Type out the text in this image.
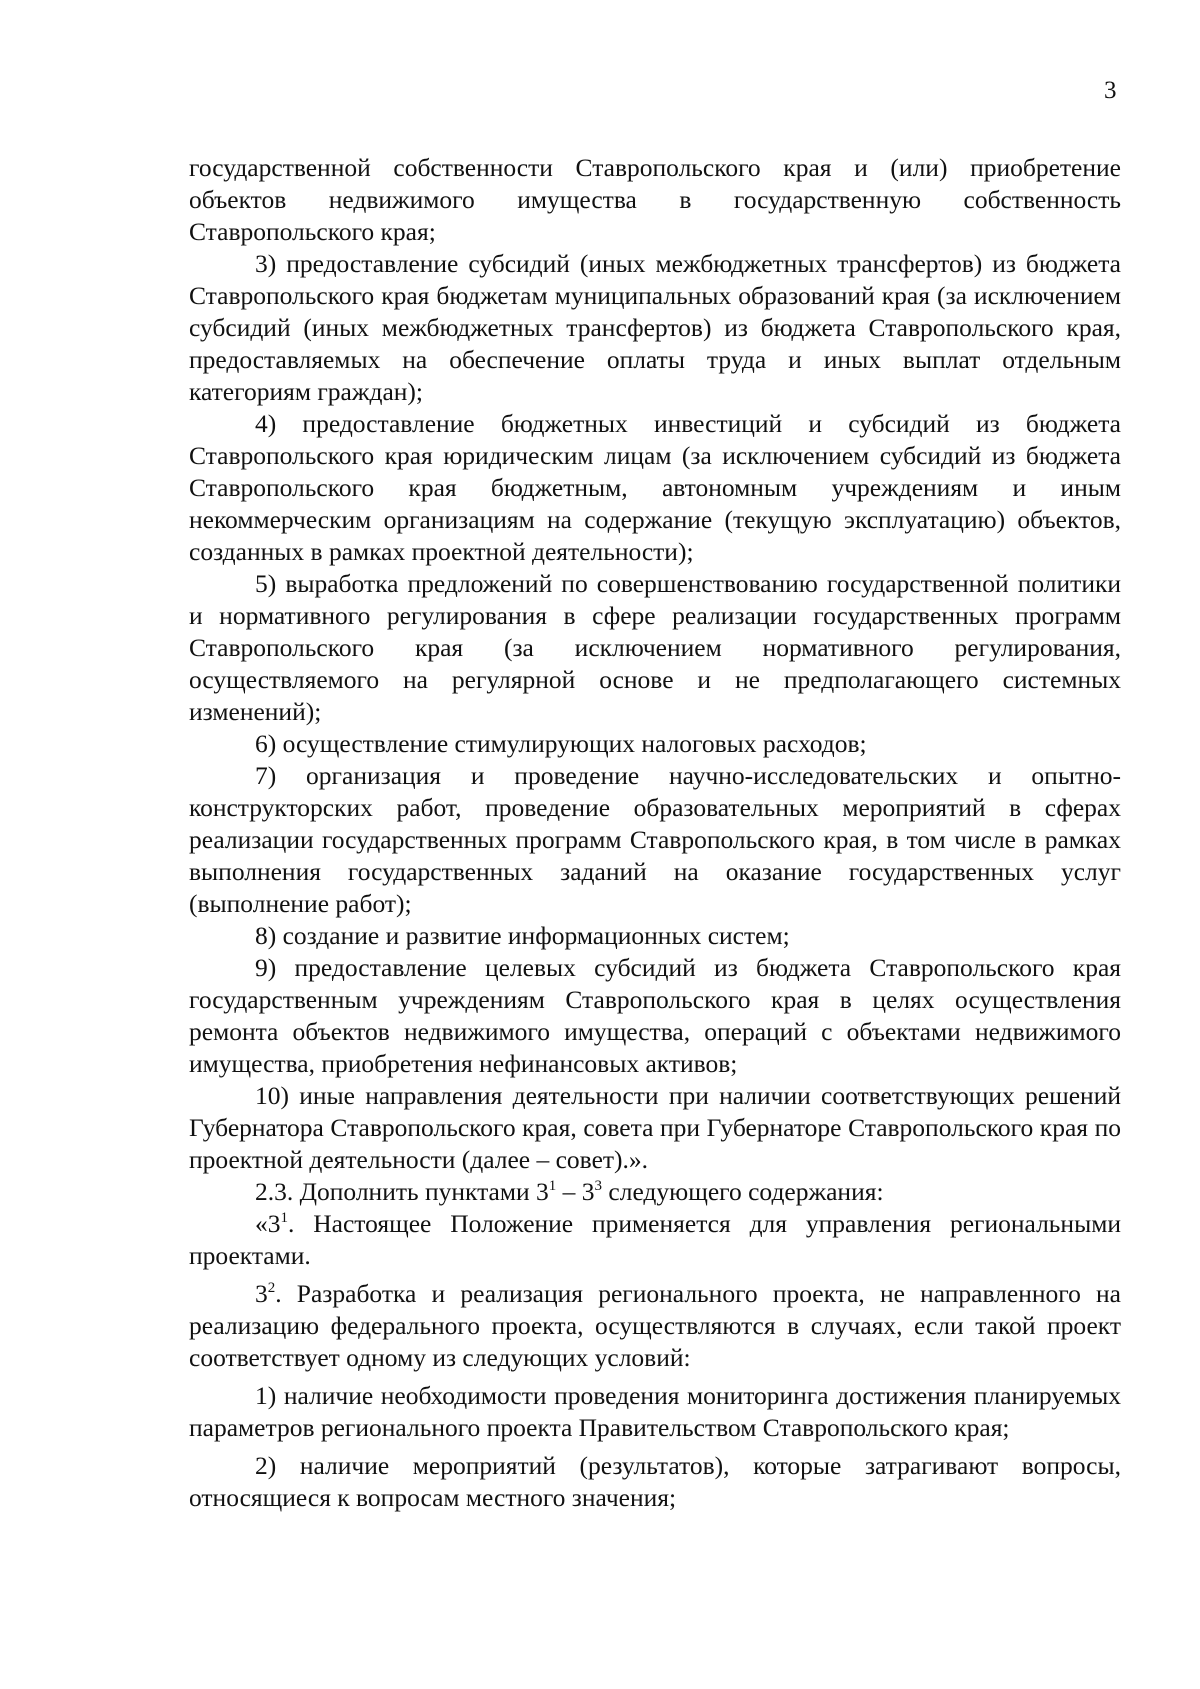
3

государственной собственности Ставропольского края и (или) приобретение объектов недвижимого имущества в государственную собственность Ставропольского края;

3) предоставление субсидий (иных межбюджетных трансфертов) из бюджета Ставропольского края бюджетам муниципальных образований края (за исключением субсидий (иных межбюджетных трансфертов) из бюджета Ставропольского края, предоставляемых на обеспечение оплаты труда и иных выплат отдельным категориям граждан);

4) предоставление бюджетных инвестиций и субсидий из бюджета Ставропольского края юридическим лицам (за исключением субсидий из бюджета Ставропольского края бюджетным, автономным учреждениям и иным некоммерческим организациям на содержание (текущую эксплуатацию) объектов, созданных в рамках проектной деятельности);

5) выработка предложений по совершенствованию государственной политики и нормативного регулирования в сфере реализации государственных программ Ставропольского края (за исключением нормативного регулирования, осуществляемого на регулярной основе и не предполагающего системных изменений);

6) осуществление стимулирующих налоговых расходов;

7) организация и проведение научно-исследовательских и опытно-конструкторских работ, проведение образовательных мероприятий в сферах реализации государственных программ Ставропольского края, в том числе в рамках выполнения государственных заданий на оказание государственных услуг (выполнение работ);

8) создание и развитие информационных систем;

9) предоставление целевых субсидий из бюджета Ставропольского края государственным учреждениям Ставропольского края в целях осуществления ремонта объектов недвижимого имущества, операций с объектами недвижимого имущества, приобретения нефинансовых активов;

10) иные направления деятельности при наличии соответствующих решений Губернатора Ставропольского края, совета при Губернаторе Ставропольского края по проектной деятельности (далее – совет).».

2.3. Дополнить пунктами $3^1 - 3^3$ следующего содержания:

«$3^1$. Настоящее Положение применяется для управления региональными проектами.

$3^2$. Разработка и реализация регионального проекта, не направленного на реализацию федерального проекта, осуществляются в случаях, если такой проект соответствует одному из следующих условий:

1) наличие необходимости проведения мониторинга достижения планируемых параметров регионального проекта Правительством Ставропольского края;

2) наличие мероприятий (результатов), которые затрагивают вопросы, относящиеся к вопросам местного значения;
